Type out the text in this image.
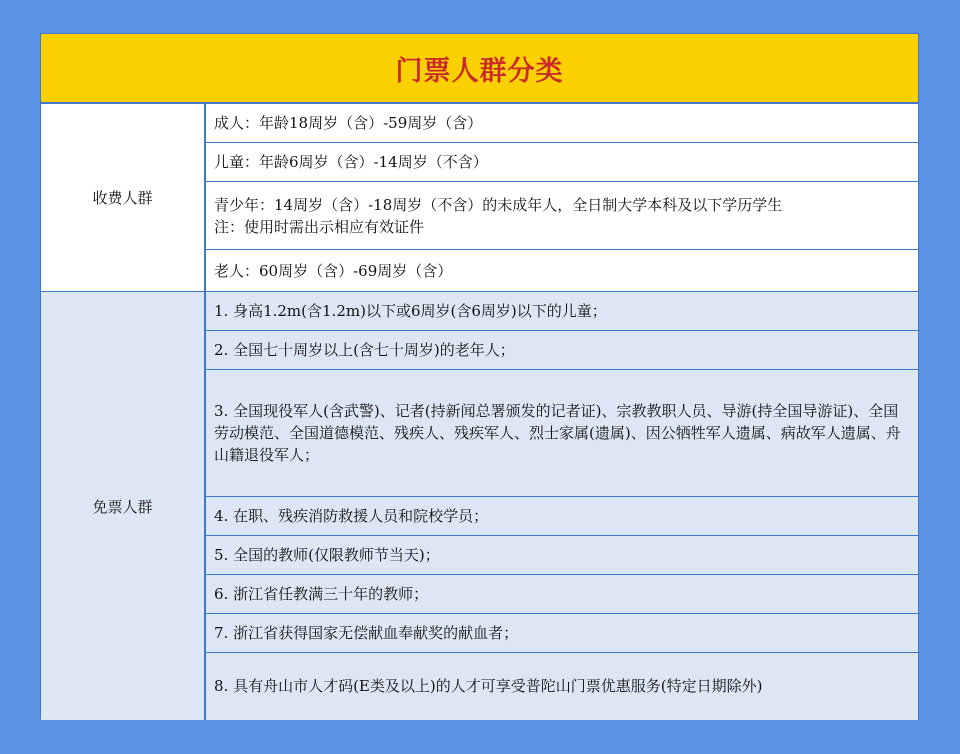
门票人群分类
收费人群
成人：年龄18周岁（含）-59周岁（含）
儿童：年龄6周岁（含）-14周岁（不含）
青少年：14周岁（含）-18周岁（不含）的未成年人，全日制大学本科及以下学历学生
注：使用时需出示相应有效证件
老人：60周岁（含）-69周岁（含）
免票人群
1. 身高1.2m(含1.2m)以下或6周岁(含6周岁)以下的儿童；
2. 全国七十周岁以上(含七十周岁)的老年人；
3. 全国现役军人(含武警)、记者(持新闻总署颁发的记者证)、宗教教职人员、导游(持全国导游证)、全国劳动模范、全国道德模范、残疾人、残疾军人、烈士家属(遗属)、因公牺牲军人遗属、病故军人遗属、舟山籍退役军人；
4. 在职、残疾消防救援人员和院校学员；
5. 全国的教师(仅限教师节当天)；
6. 浙江省任教满三十年的教师；
7. 浙江省获得国家无偿献血奉献奖的献血者；
8. 具有舟山市人才码(E类及以上)的人才可享受普陀山门票优惠服务(特定日期除外)
